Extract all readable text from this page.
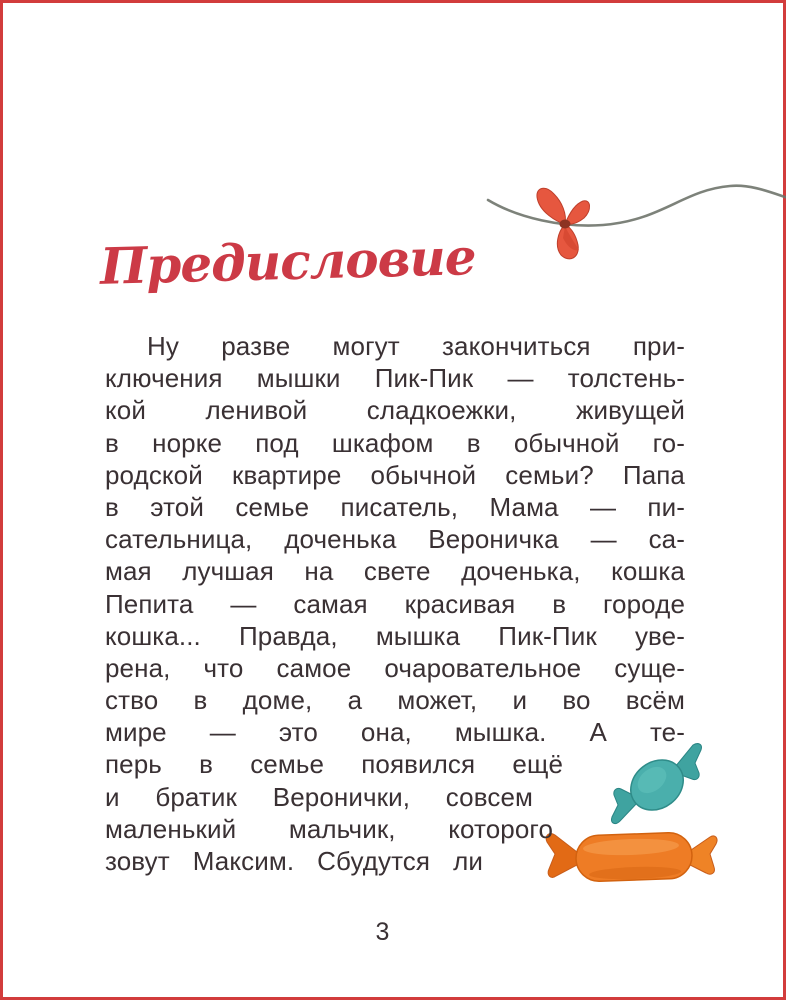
Предисловие
Ну разве могут закончиться при-
ключения мышки Пик-Пик — толстень-
кой ленивой сладкоежки, живущей
в норке под шкафом в обычной го-
родской квартире обычной семьи? Папа
в этой семье писатель, Мама — пи-
сательница, доченька Вероничка — са-
мая лучшая на свете доченька, кошка
Пепита — самая красивая в городе
кошка... Правда, мышка Пик-Пик уве-
рена, что самое очаровательное суще-
ство в доме, а может, и во всём
мире — это она, мышка. А те-
перь в семье появился ещё
и братик Веронички, совсем
маленький мальчик, которого
зовут Максим. Сбудутся ли
3
